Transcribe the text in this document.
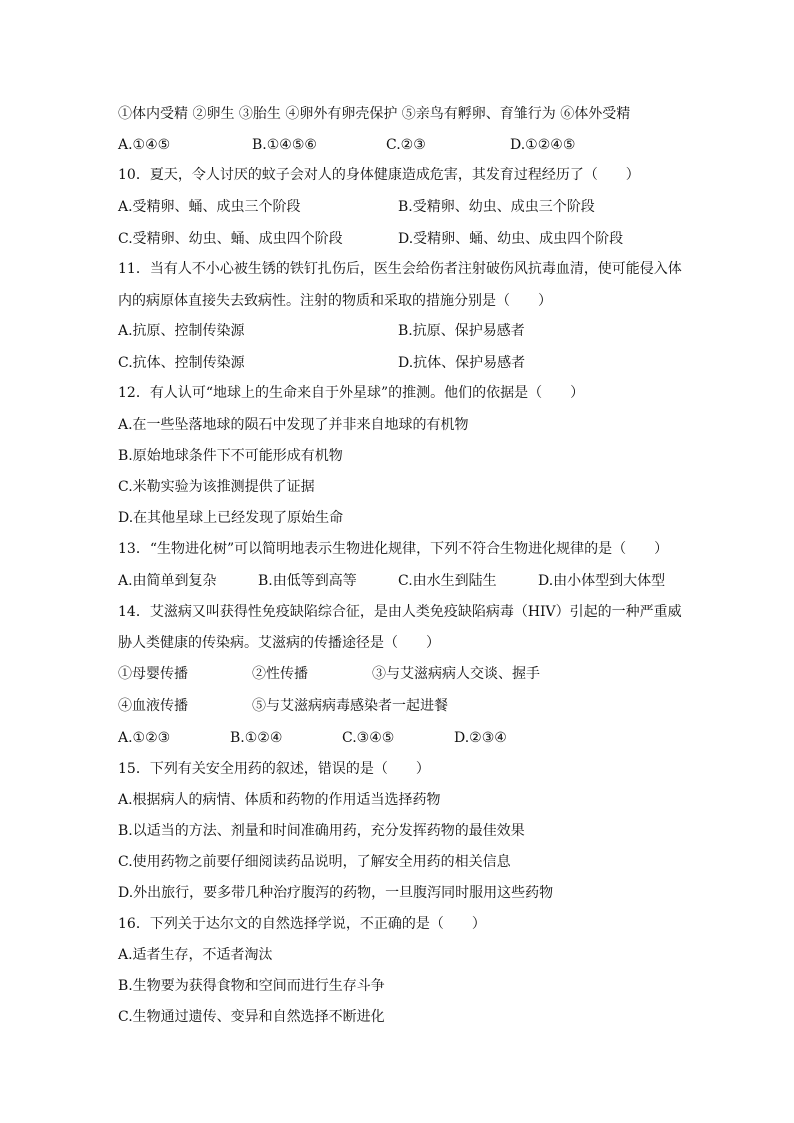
①体内受精 ②卵生 ③胎生 ④卵外有卵壳保护 ⑤亲鸟有孵卵、育雏行为 ⑥体外受精
A.①④⑤	B.①④⑤⑥	C.②③	D.①②④⑤
10．夏天，令人讨厌的蚊子会对人的身体健康造成危害，其发育过程经历了（　　）
A.受精卵、蛹、成虫三个阶段	B.受精卵、幼虫、成虫三个阶段
C.受精卵、幼虫、蛹、成虫四个阶段	D.受精卵、蛹、幼虫、成虫四个阶段
11．当有人不小心被生锈的铁钉扎伤后，医生会给伤者注射破伤风抗毒血清，使可能侵入体
内的病原体直接失去致病性。注射的物质和采取的措施分别是（　　）
A.抗原、控制传染源	B.抗原、保护易感者
C.抗体、控制传染源	D.抗体、保护易感者
12．有人认可“地球上的生命来自于外星球”的推测。他们的依据是（　　）
A.在一些坠落地球的陨石中发现了并非来自地球的有机物
B.原始地球条件下不可能形成有机物
C.米勒实验为该推测提供了证据
D.在其他星球上已经发现了原始生命
13．“生物进化树”可以简明地表示生物进化规律，下列不符合生物进化规律的是（　　）
A.由简单到复杂	B.由低等到高等	C.由水生到陆生	D.由小体型到大体型
14．艾滋病又叫获得性免疫缺陷综合征，是由人类免疫缺陷病毒（HIV）引起的一种严重威
胁人类健康的传染病。艾滋病的传播途径是（　　）
①母婴传播	②性传播	③与艾滋病病人交谈、握手
④血液传播	⑤与艾滋病病毒感染者一起进餐
A.①②③	B.①②④	C.③④⑤	D.②③④
15．下列有关安全用药的叙述，错误的是（　　）
A.根据病人的病情、体质和药物的作用适当选择药物
B.以适当的方法、剂量和时间准确用药，充分发挥药物的最佳效果
C.使用药物之前要仔细阅读药品说明，了解安全用药的相关信息
D.外出旅行，要多带几种治疗腹泻的药物，一旦腹泻同时服用这些药物
16．下列关于达尔文的自然选择学说，不正确的是（　　）
A.适者生存，不适者淘汰
B.生物要为获得食物和空间而进行生存斗争
C.生物通过遗传、变异和自然选择不断进化
